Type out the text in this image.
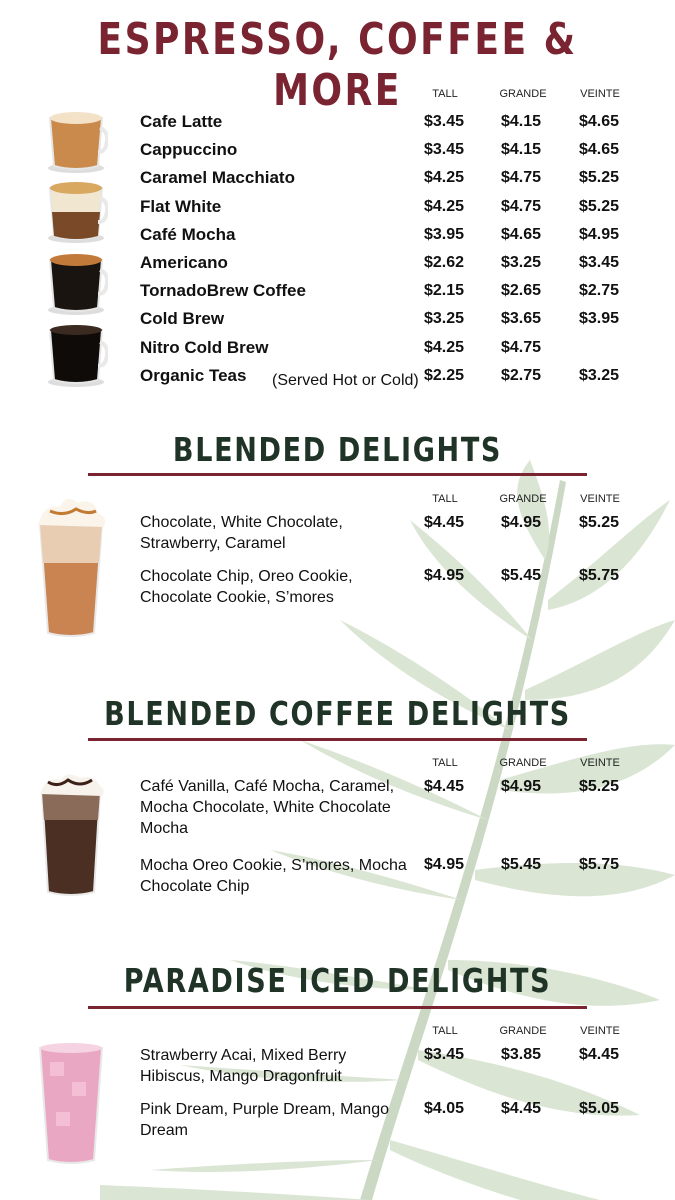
ESPRESSO, COFFEE & MORE	TALL	GRANDE	VEINTE
Cafe Latte	$3.45	$4.15	$4.65
Cappuccino	$3.45	$4.15	$4.65
Caramel Macchiato	$4.25	$4.75	$5.25
Flat White	$4.25	$4.75	$5.25
Café Mocha	$3.95	$4.65	$4.95
Americano	$2.62	$3.25	$3.45
TornadoBrew Coffee	$2.15	$2.65	$2.75
Cold Brew	$3.25	$3.65	$3.95
Nitro Cold Brew	$4.25	$4.75
Organic Teas (Served Hot or Cold) $2.25	$2.75	$3.25
BLENDED DELIGHTS
TALL	GRANDE	VEINTE
Chocolate, White Chocolate, Strawberry, Caramel
$4.45	$4.95	$5.25
Chocolate Chip, Oreo Cookie, Chocolate Cookie, S’mores
$4.95	$5.45	$5.75
BLENDED COFFEE DELIGHTS
TALL	GRANDE	VEINTE
Café Vanilla, Café Mocha, Caramel, Mocha Chocolate, White Chocolate Mocha
$4.45	$4.95	$5.25
Mocha Oreo Cookie, S’mores, Mocha Chocolate Chip
$4.95	$5.45	$5.75
PARADISE ICED DELIGHTS
TALL	GRANDE	VEINTE
Strawberry Acai, Mixed Berry Hibiscus, Mango Dragonfruit
$3.45	$3.85	$4.45
Pink Dream, Purple Dream, Mango Dream
$4.05	$4.45	$5.05
